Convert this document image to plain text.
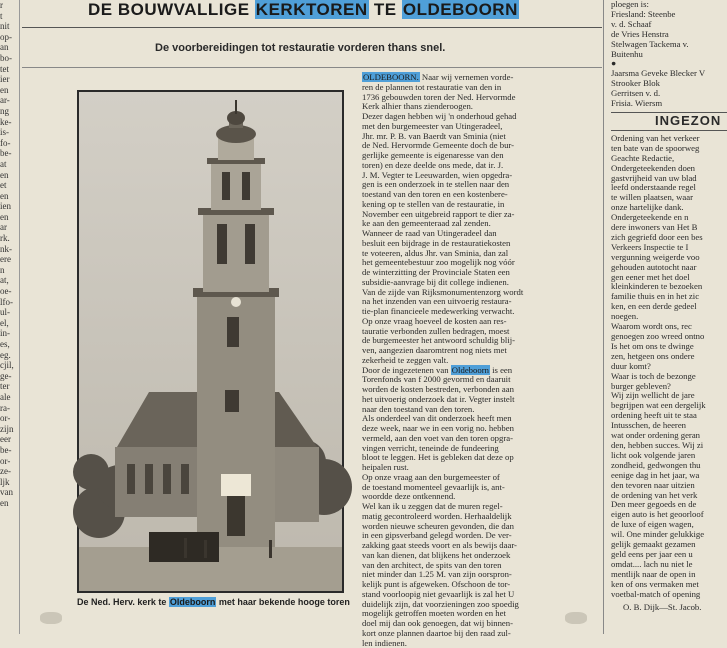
r
t
nit
op-
an
bo-
tet
ier
en
ar-
ng
ke-
is-
fo-
be-
at
en
et
en
ien
en
ar
rk.
nk-
ere
n
at,
oe-
lfo-
ul-
el,
in-
es,
eg.
cjil,
ge-
ter
ale
ra-
or-
zijn
eer
be-
or-
ze-
ljk
van
en
DE BOUWVALLIGE KERKTOREN TE OLDEBOORN
De voorbereidingen tot restauratie vorderen thans snel.
De Ned. Herv. kerk te Oldeboorn met haar bekende hooge toren
OLDEBOORN. Naar wij vernemen vorde-
ren de plannen tot restauratie van den in
1736 gebouwden toren der Ned. Hervormde
Kerk alhier thans zienderoogen.
Dezer dagen hebben wij 'n onderhoud gehad
met den burgemeester van Utingeradeel,
Jhr. mr. P. B. van Baerdt van Sminia (niet
de Ned. Hervormde Gemeente doch de bur-
gerlijke gemeente is eigenaresse van den
toren) en deze deelde ons mede, dat ir. J.
J. M. Vegter te Leeuwarden, wien opgedra-
gen is een onderzoek in te stellen naar den
toestand van den toren en een kostenbere-
kening op te stellen van de restauratie, in
November een uitgebreid rapport te dier za-
ke aan den gemeenteraad zal zenden.
Wanneer de raad van Utingeradeel dan
besluit een bijdrage in de restauratiekosten
te voteeren, aldus Jhr. van Sminia, dan zal
het gemeentebestuur zoo mogelijk nog vóór
de winterzitting der Provinciale Staten een
subsidie-aanvrage bij dit college indienen.
Van de zijde van Rijksmonumentenzorg wordt
na het inzenden van een uitvoerig restaura-
tie-plan financieele medewerking verwacht.
Op onze vraag hoeveel de kosten aan res-
tauratie verbonden zullen bedragen, moest
de burgemeester het antwoord schuldig blij-
ven, aangezien daaromtrent nog niets met
zekerheid te zeggen valt.
Door de ingezetenen van Oldeboorn is een
Torenfonds van f 2000 gevormd en daaruit
worden de kosten bestreden, verbonden aan
het uitvoerig onderzoek dat ir. Vegter instelt
naar den toestand van den toren.
Als onderdeel van dit onderzoek heeft men
deze week, naar we in een vorig no. hebben
vermeld, aan den voet van den toren opgra-
vingen verricht, teneinde de fundeering
bloot te leggen. Het is gebleken dat deze op
heipalen rust.
Op onze vraag aan den burgemeester of
de toestand momenteel gevaarlijk is, ant-
woordde deze ontkennend.
Wel kan ik u zeggen dat de muren regel-
matig gecontroleerd worden. Herhaaldelijk
worden nieuwe scheuren gevonden, die dan
in een gipsverband gelegd worden. De ver-
zakking gaat steeds voort en als bewijs daar-
van kan dienen, dat blijkens het onderzoek
van den architect, de spits van den toren
niet minder dan 1.25 M. van zijn oorspron-
kelijk punt is afgeweken. Ofschoon de tor-
stand voorloopig niet gevaarlijk is zal het U
duidelijk zijn, dat voorzieningen zoo spoedig
mogelijk getroffen moeten worden en het
doel mij dan ook genoegen, dat wij binnen-
kort onze plannen daartoe bij den raad zul-
len indienen.
ploegen is:
Friesland: Steenbe
v. d. Schaaf
de Vries Henstra
Stelwagen Tackema v.
Buitenhu
●
Jaarsma Geveke Blecker V
Strooker Blok
Gerritsen v. d.
Frisia. Wiersm
INGEZON
Ordening van het verkeer
ten bate van de spoorweg
Geachte Redactie,
Ondergeteekenden doen
gastvrijheid van uw blad
leefd onderstaande regel
te willen plaatsen, waar
onze hartelijke dank.
Ondergeteekende en n
dere inwoners van Het B
zich gegriefd door een bes
Verkeers Inspectie te I
vergunning weigerde voo
gehouden autotocht naar
gen eener met het doel
kleinkinderen te bezoeken
familie thuis en in het zic
ken, en een derde gedeel
noegen.
Waarom wordt ons, rec
genoegen zoo wreed ontno
Is het om ons te dwinge
zen, hetgeen ons ondere
duur komt?
Waar is toch de bezonge
burger gebleven?
Wij zijn wellicht de jare
begrijpen wat een dergelijk
ordening heeft uit te staa
Intusschen, de heeren
wat onder ordening geran
den, hebben succes. Wij zi
licht ook volgende jaren
zondheid, gedwongen thu
eenige dag in het jaar, wa
den tevoren naar uitzien
de ordening van het verk
Den meer gegoeds en de
eigen auto is het geoorloof
de luxe of eigen wagen,
wil. One minder gelukkige
gelijk gemaakt gezamen
geld eens per jaar een u
omdat.... lach nu niet le
mentlijk naar de open in
ken of ons vermaken met
voetbal-match of opening
O. B. Dijk—St. Jacob.
